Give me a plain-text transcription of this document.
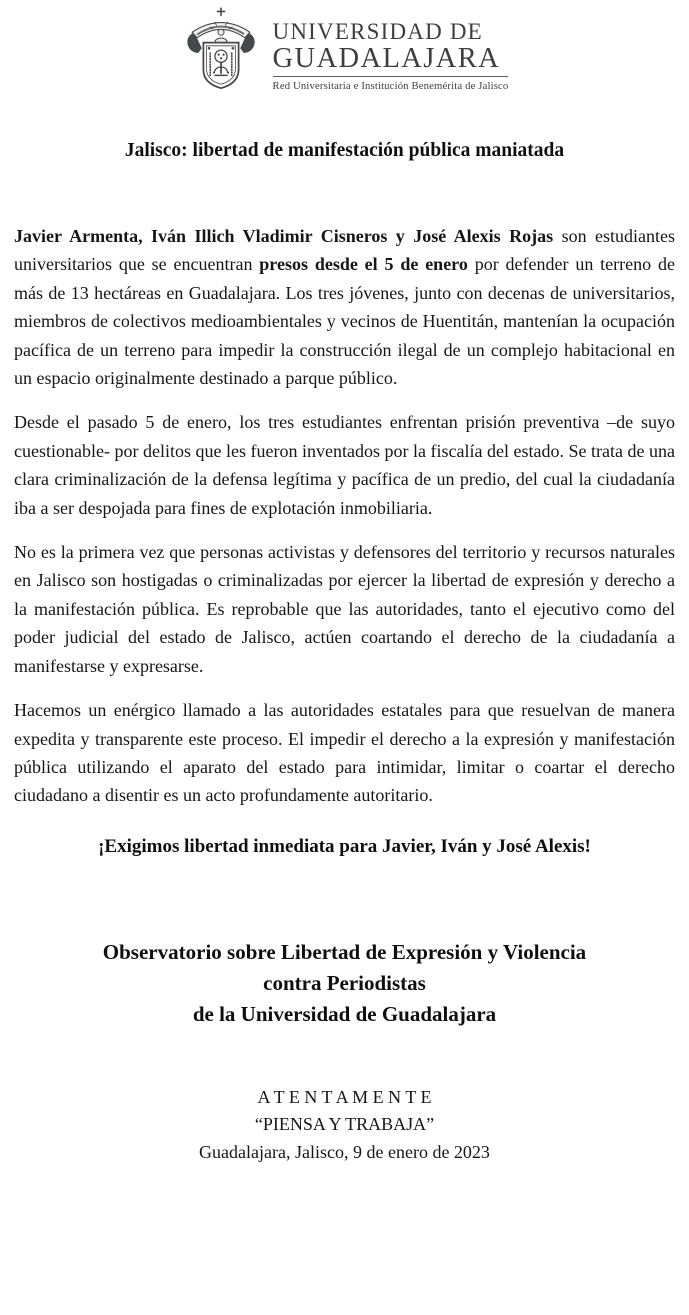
UNIVERSIDAD DE
GUADALAJARA
Red Universitaria e Institución Benemérita de Jalisco
Jalisco: libertad de manifestación pública maniatada

Javier Armenta, Iván Illich Vladimir Cisneros y José Alexis Rojas son estudiantes universitarios que se encuentran presos desde el 5 de enero por defender un terreno de más de 13 hectáreas en Guadalajara. Los tres jóvenes, junto con decenas de universitarios, miembros de colectivos medioambientales y vecinos de Huentitán, mantenían la ocupación pacífica de un terreno para impedir la construcción ilegal de un complejo habitacional en un espacio originalmente destinado a parque público.

Desde el pasado 5 de enero, los tres estudiantes enfrentan prisión preventiva –de suyo cuestionable- por delitos que les fueron inventados por la fiscalía del estado. Se trata de una clara criminalización de la defensa legítima y pacífica de un predio, del cual la ciudadanía iba a ser despojada para fines de explotación inmobiliaria.

No es la primera vez que personas activistas y defensores del territorio y recursos naturales en Jalisco son hostigadas o criminalizadas por ejercer la libertad de expresión y derecho a la manifestación pública. Es reprobable que las autoridades, tanto el ejecutivo como del poder judicial del estado de Jalisco, actúen coartando el derecho de la ciudadanía a manifestarse y expresarse.

Hacemos un enérgico llamado a las autoridades estatales para que resuelvan de manera expedita y transparente este proceso. El impedir el derecho a la expresión y manifestación pública utilizando el aparato del estado para intimidar, limitar o coartar el derecho ciudadano a disentir es un acto profundamente autoritario.

¡Exigimos libertad inmediata para Javier, Iván y José Alexis!
Observatorio sobre Libertad de Expresión y Violencia
contra Periodistas
de la Universidad de Guadalajara
A T E N T A M E N T E
“PIENSA Y TRABAJA”
Guadalajara, Jalisco, 9 de enero de 2023
